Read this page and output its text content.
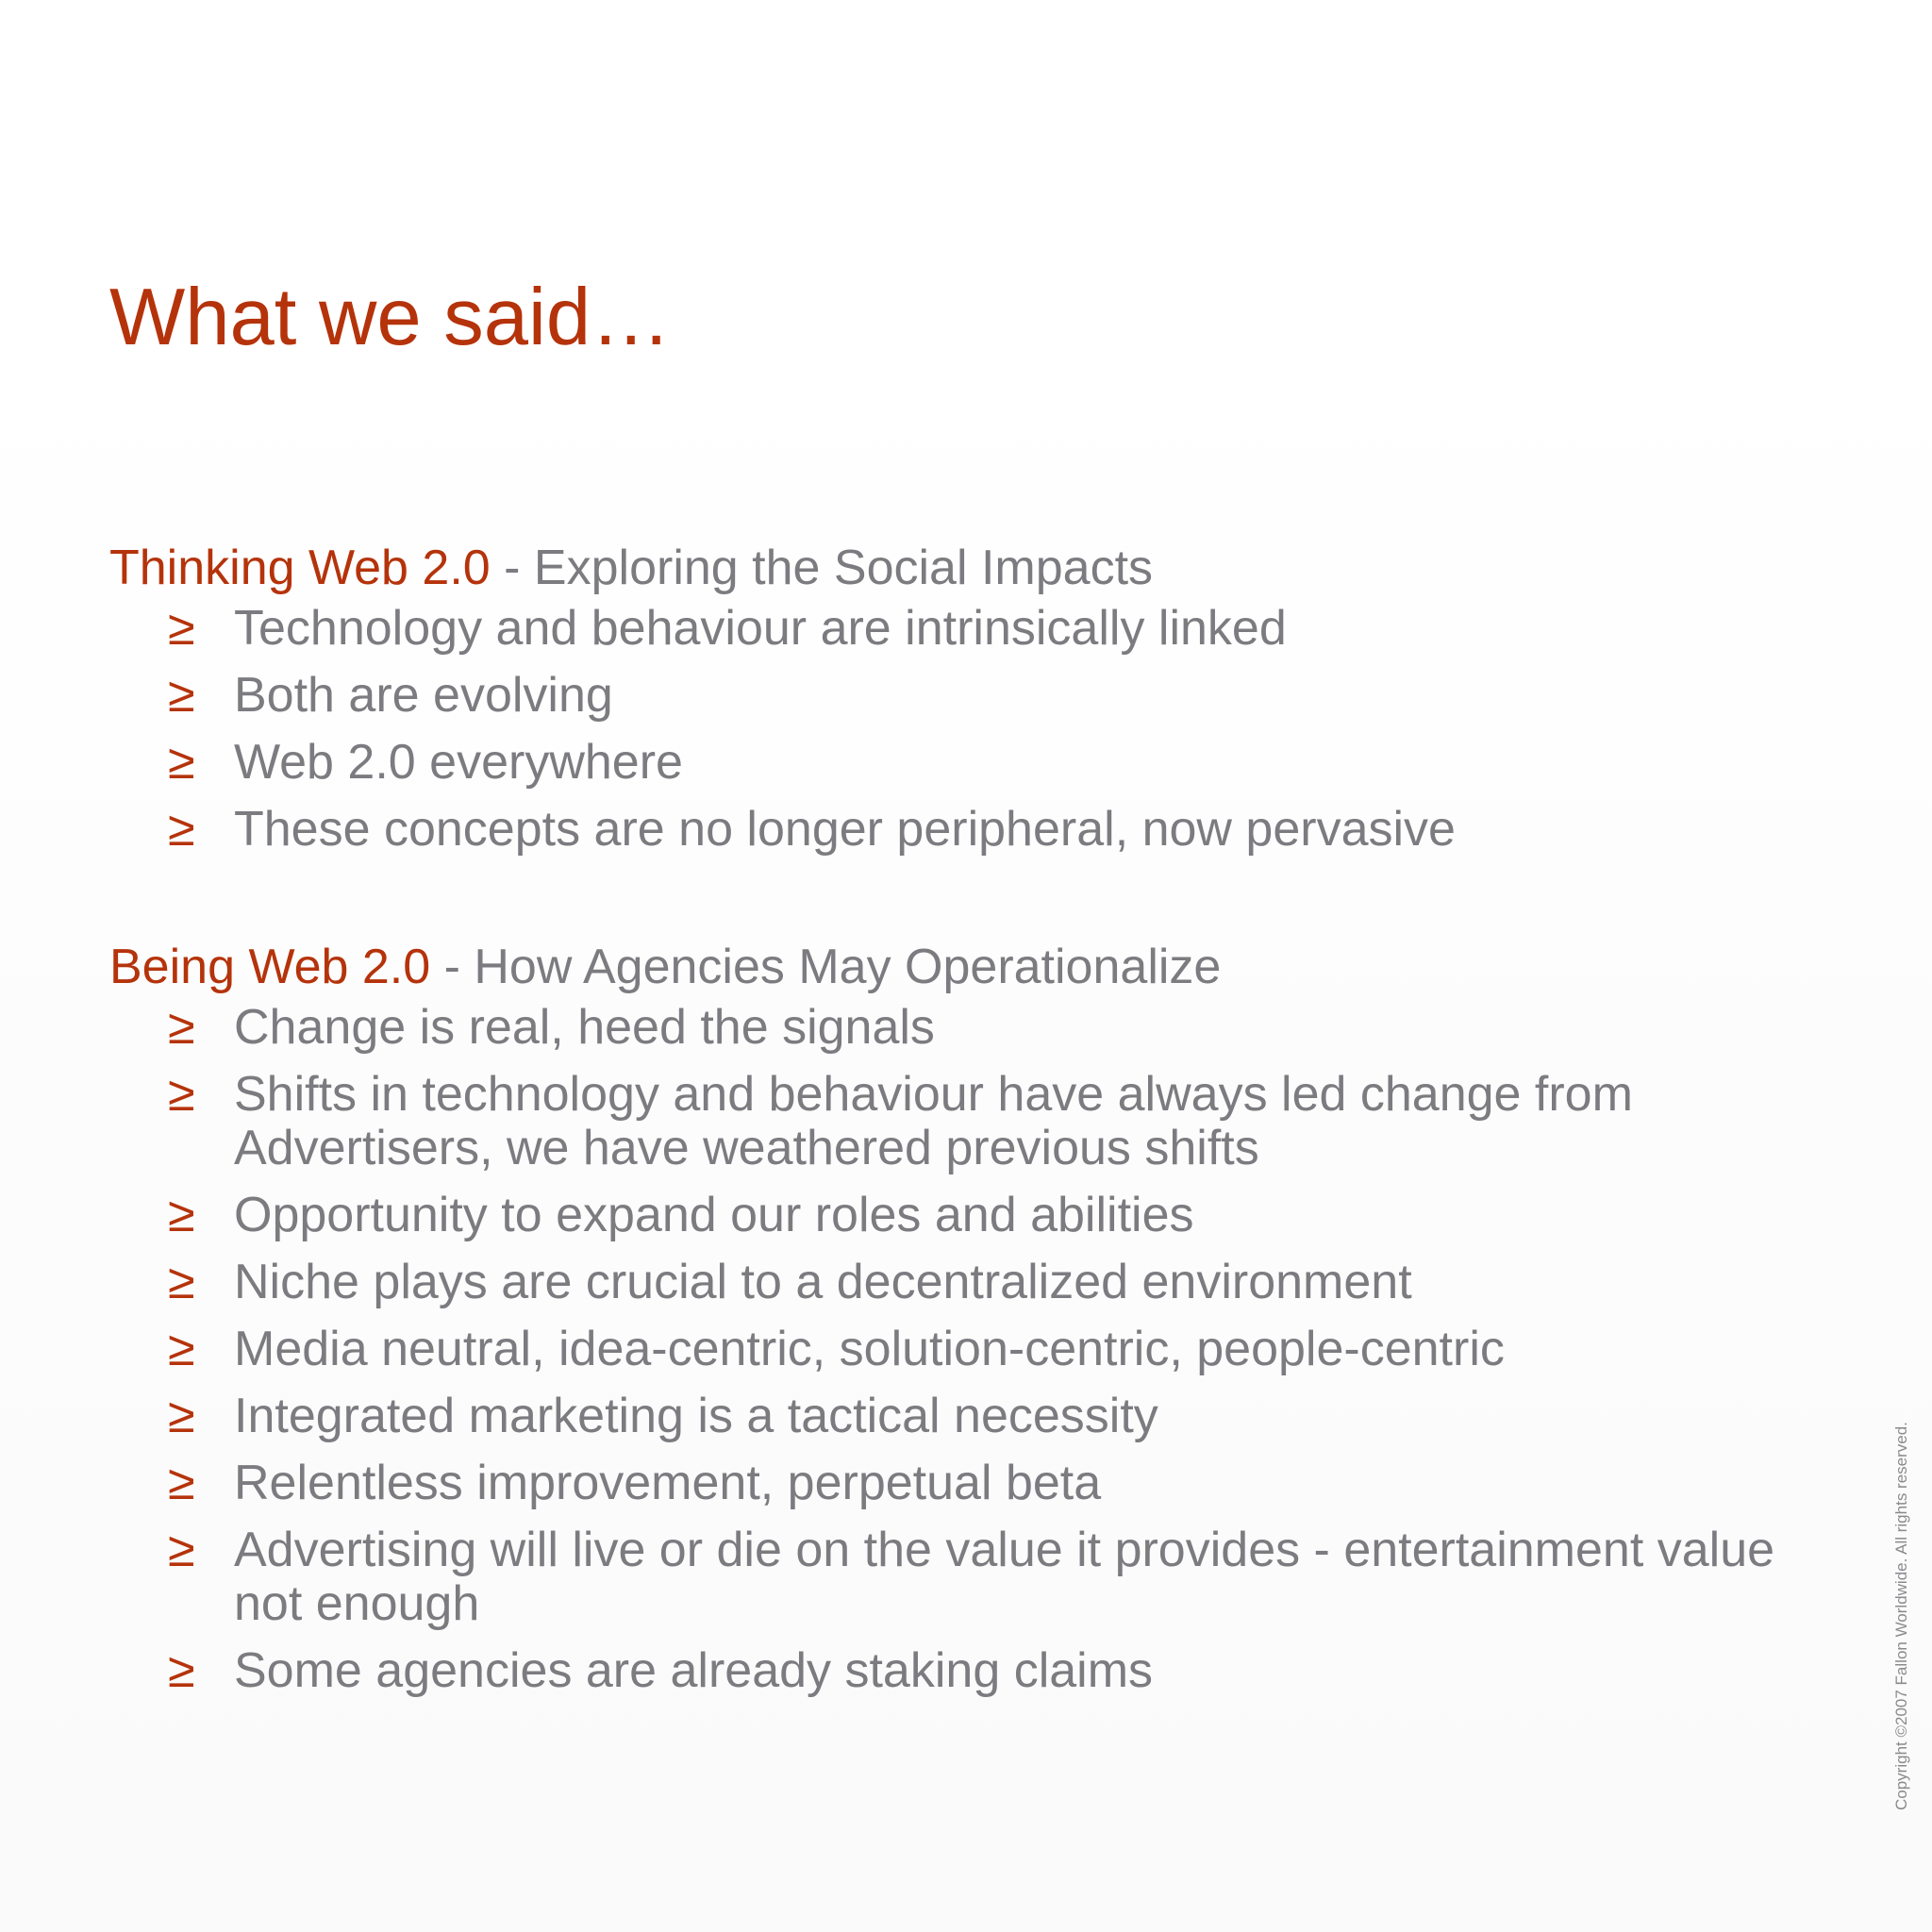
What we said…
Thinking Web 2.0 - Exploring the Social Impacts
≥ Technology and behaviour are intrinsically linked
≥ Both are evolving
≥ Web 2.0 everywhere
≥ These concepts are no longer peripheral, now pervasive
Being Web 2.0 - How Agencies May Operationalize
≥ Change is real, heed the signals
≥ Shifts in technology and behaviour have always led change from Advertisers, we have weathered previous shifts
≥ Opportunity to expand our roles and abilities
≥ Niche plays are crucial to a decentralized environment
≥ Media neutral, idea-centric, solution-centric, people-centric
≥ Integrated marketing is a tactical necessity
≥ Relentless improvement, perpetual beta
≥ Advertising will live or die on the value it provides - entertainment value not enough
≥ Some agencies are already staking claims	Copyright ©2007 Fallon Worldwide. All rights reserved.
